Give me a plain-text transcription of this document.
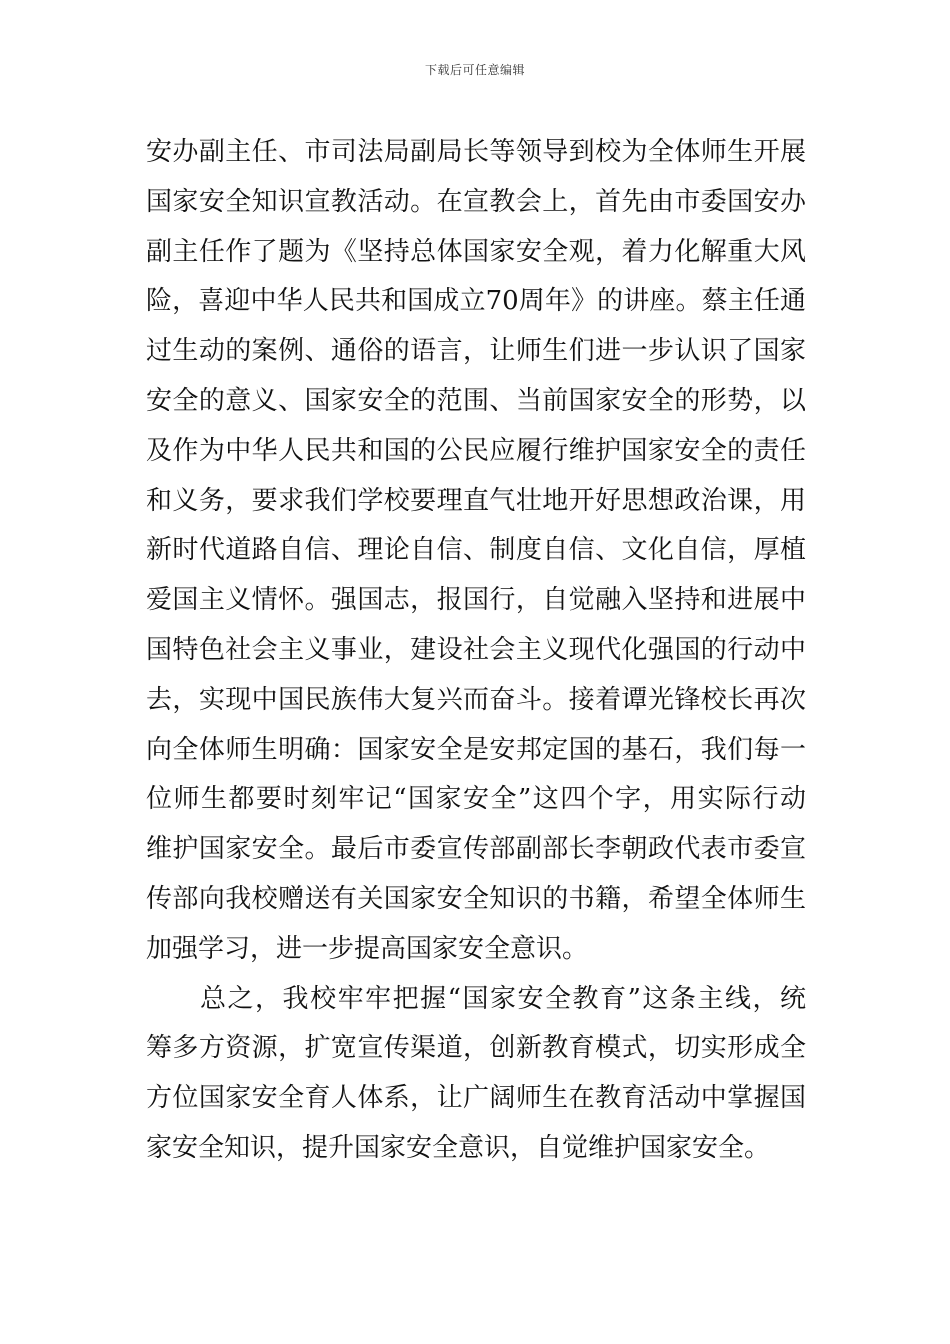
下载后可任意编辑
安办副主任、市司法局副局长等领导到校为全体师生开展
国家安全知识宣教活动。在宣教会上，首先由市委国安办
副主任作了题为《坚持总体国家安全观，着力化解重大风
险，喜迎中华人民共和国成立70周年》的讲座。蔡主任通
过生动的案例、通俗的语言，让师生们进一步认识了国家
安全的意义、国家安全的范围、当前国家安全的形势，以
及作为中华人民共和国的公民应履行维护国家安全的责任
和义务，要求我们学校要理直气壮地开好思想政治课，用
新时代道路自信、理论自信、制度自信、文化自信，厚植
爱国主义情怀。强国志，报国行，自觉融入坚持和进展中
国特色社会主义事业，建设社会主义现代化强国的行动中
去，实现中国民族伟大复兴而奋斗。接着谭光锋校长再次
向全体师生明确：国家安全是安邦定国的基石，我们每一
位师生都要时刻牢记“国家安全”这四个字，用实际行动
维护国家安全。最后市委宣传部副部长李朝政代表市委宣
传部向我校赠送有关国家安全知识的书籍，希望全体师生
加强学习，进一步提高国家安全意识。
总之，我校牢牢把握“国家安全教育”这条主线，统
筹多方资源，扩宽宣传渠道，创新教育模式，切实形成全
方位国家安全育人体系，让广阔师生在教育活动中掌握国
家安全知识，提升国家安全意识，自觉维护国家安全。
